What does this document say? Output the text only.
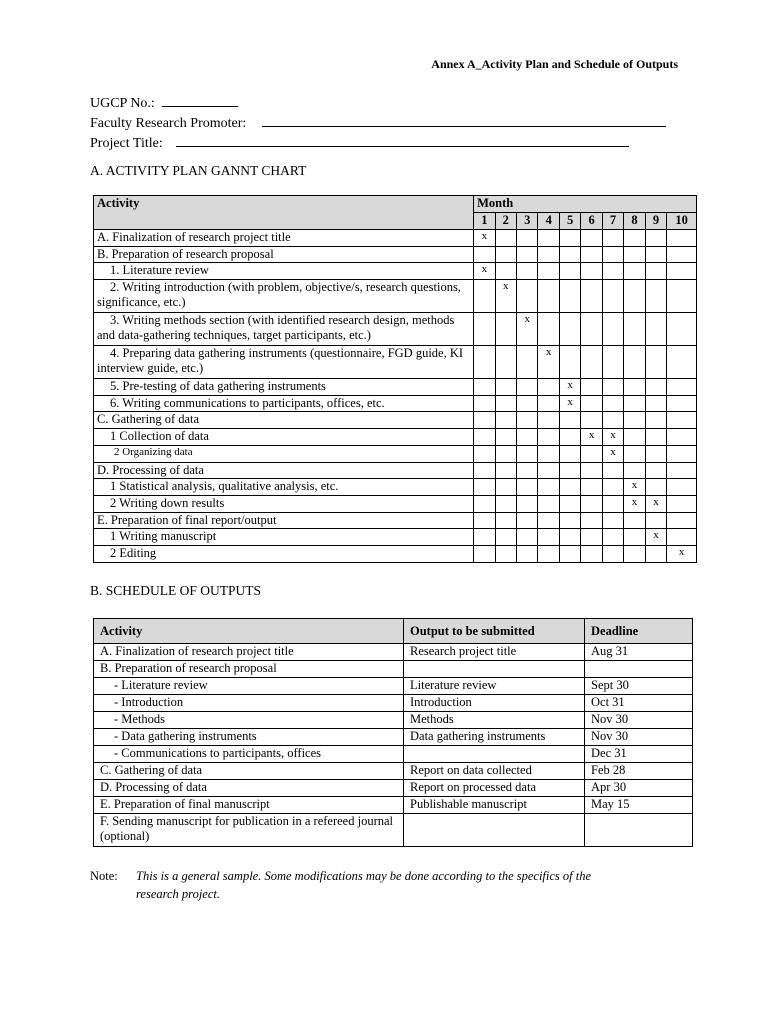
Annex A_Activity Plan and Schedule of Outputs
UGCP No.:
Faculty Research Promoter:
Project Title:
A. ACTIVITY PLAN GANNT CHART
Activity	Month									
	1	2	3	4	5	6	7	8	9	10
A. Finalization of research project title	x									
B. Preparation of research proposal										
1. Literature review	x									
2. Writing introduction (with problem, objective/s, research questions, significance, etc.)		x								
3. Writing methods section (with identified research design, methods and data-gathering techniques, target participants, etc.)			x							
4. Preparing data gathering instruments (questionnaire, FGD guide, KI interview guide, etc.)				x						
5. Pre-testing of data gathering instruments					x					
6. Writing communications to participants, offices, etc.					x					
C. Gathering of data										
1 Collection of data						x	x			
2 Organizing data							x			
D. Processing of data										
1 Statistical analysis, qualitative analysis, etc.								x		
2 Writing down results								x	x	
E. Preparation of final report/output										
1 Writing manuscript									x	
2 Editing										x
B. SCHEDULE OF OUTPUTS
Activity	Output to be submitted	Deadline
A. Finalization of research project title	Research project title	Aug 31
B. Preparation of research proposal		
- Literature review	Literature review	Sept 30
- Introduction	Introduction	Oct 31
- Methods	Methods	Nov 30
- Data gathering instruments	Data gathering instruments	Nov 30
- Communications to participants, offices		Dec 31
C. Gathering of data	Report on data collected	Feb 28
D. Processing of data	Report on processed data	Apr 30
E. Preparation of final manuscript	Publishable manuscript	May 15
F. Sending manuscript for publication in a refereed journal (optional)		
Note: This is a general sample. Some modifications may be done according to the specifics of the
research project.
